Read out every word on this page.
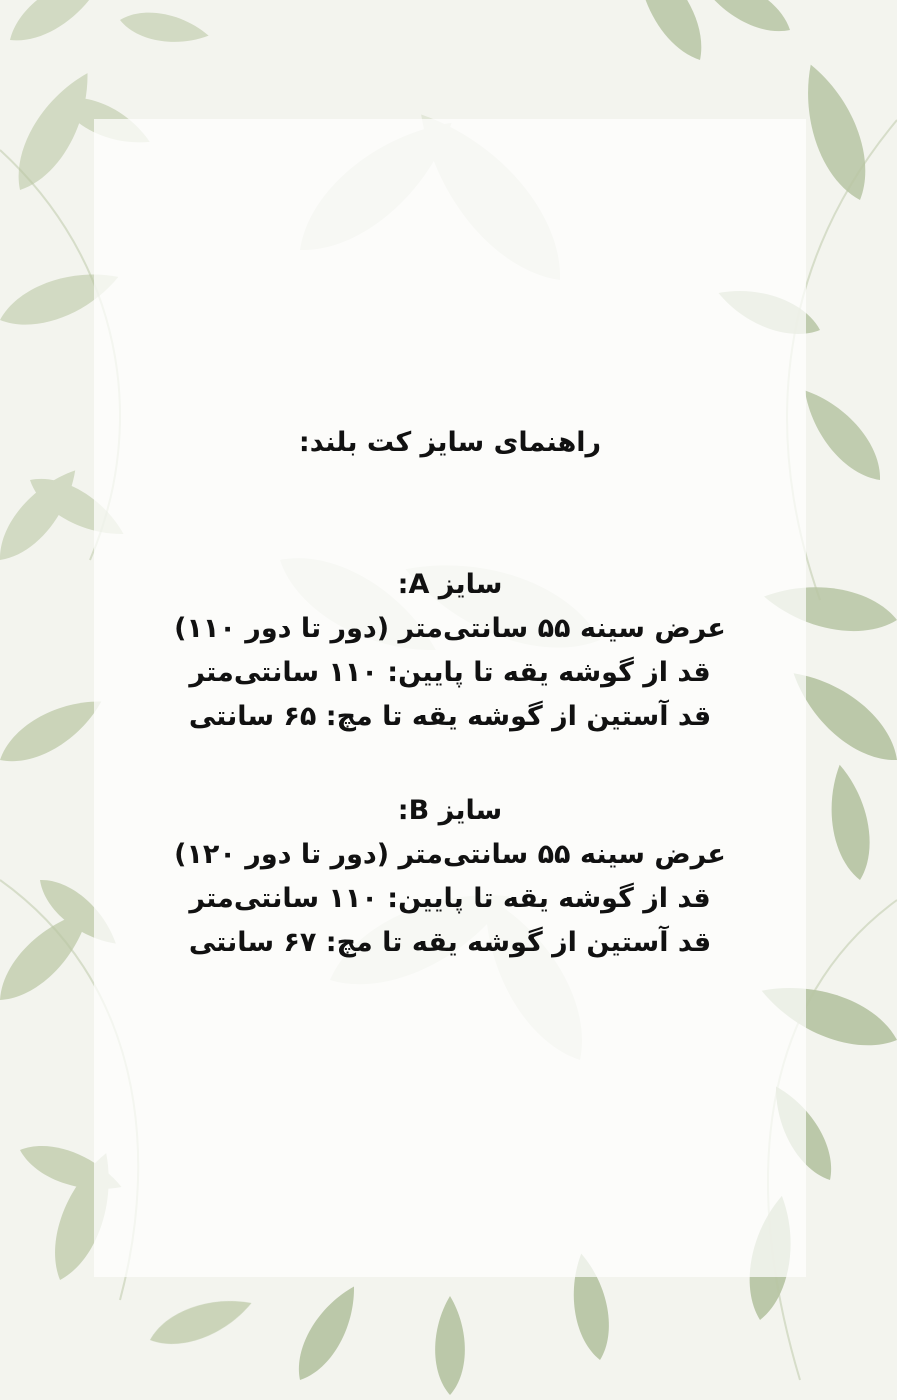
راهنمای سایز کت بلند:
سایز A:
عرض سینه ۵۵ سانتی‌متر (دور تا دور ۱۱۰)
قد از گوشه یقه تا پایین: ۱۱۰ سانتی‌متر
قد آستین از گوشه یقه تا مچ: ۶۵ سانتی
سایز B:
عرض سینه ۵۵ سانتی‌متر (دور تا دور ۱۲۰)
قد از گوشه یقه تا پایین: ۱۱۰ سانتی‌متر
قد آستین از گوشه یقه تا مچ: ۶۷ سانتی
